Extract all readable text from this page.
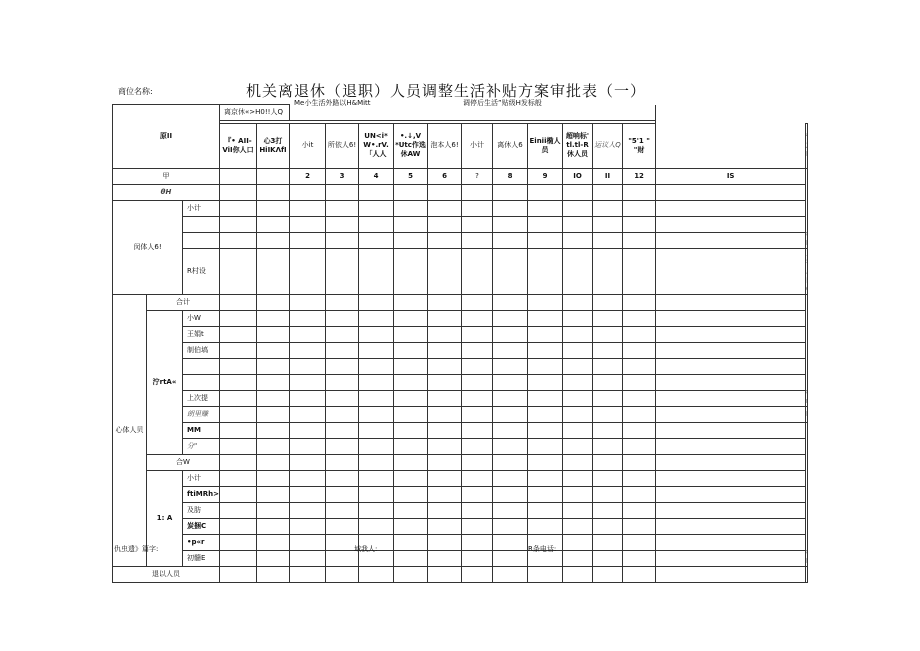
商位名称:	机关离退休（退职）人员调整生活补贴方案审批表（一）
Me小生活外路以H&Mitt	调停后生活”贴级H发标般
原II			离京休«>H0!!人Q														

			『• AII-ViI你人口	心3打HiIKΛfI	小it	所依人6!	UN<i* W•.rV.「人人	•.↓,V *Utc作选休AW	泡本人6!	小计	离休人6	Einii椭人员	超响标' tl.tl-R休人员	运议人Q	"5'1 " "财	
甲					2	3	4	5	6	?	8	9	IO	II	12	IS	
θH																	
闵体人6!		小计															

		R村设															
心体人贝	合计															
	泞rtA«	小W															
		王娟t															
		制伯塙															

		上次提															
		朗里赚															
		MM															
		分"															
	合W																
	1: A	小计															
		ftiMRh>															
		及肪															
		炭捆C															
		•p«r															
		初髓E															
退以人员																	
仇虫遗》篇字:	域我人:	R条电话:
